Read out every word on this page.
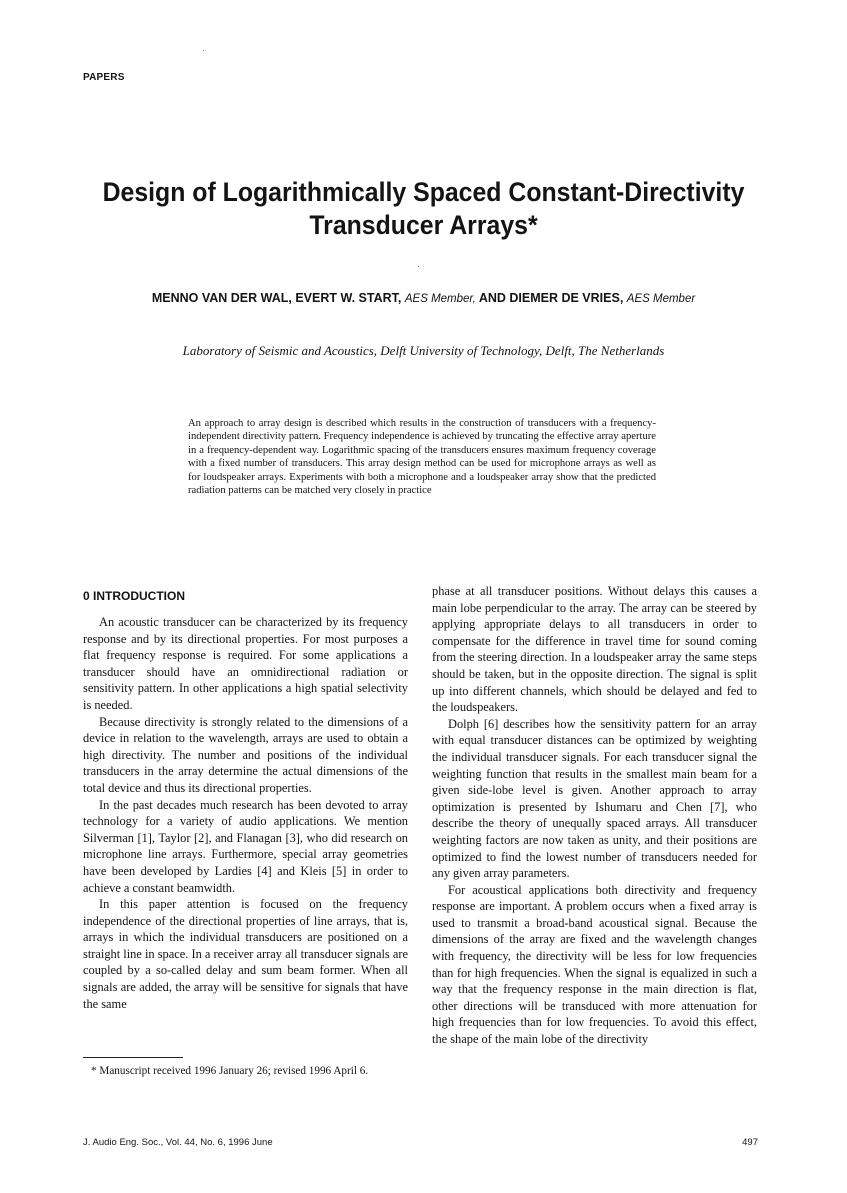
PAPERS
Design of Logarithmically Spaced Constant-Directivity
Transducer Arrays*
MENNO VAN DER WAL, EVERT W. START, AES Member, AND DIEMER DE VRIES, AES Member
Laboratory of Seismic and Acoustics, Delft University of Technology, Delft, The Netherlands
An approach to array design is described which results in the construction of transducers with a frequency-independent directivity pattern. Frequency independence is achieved by truncating the effective array aperture in a frequency-dependent way. Logarithmic spacing of the transducers ensures maximum frequency coverage with a fixed number of transducers. This array design method can be used for microphone arrays as well as for loudspeaker arrays. Experiments with both a microphone and a loudspeaker array show that the predicted radiation patterns can be matched very closely in practice
0 INTRODUCTION

An acoustic transducer can be characterized by its frequency response and by its directional properties. For most purposes a flat frequency response is required. For some applications a transducer should have an omnidirectional radiation or sensitivity pattern. In other applications a high spatial selectivity is needed.

Because directivity is strongly related to the dimensions of a device in relation to the wavelength, arrays are used to obtain a high directivity. The number and positions of the individual transducers in the array determine the actual dimensions of the total device and thus its directional properties.

In the past decades much research has been devoted to array technology for a variety of audio applications. We mention Silverman [1], Taylor [2], and Flanagan [3], who did research on microphone line arrays. Furthermore, special array geometries have been developed by Lardies [4] and Kleis [5] in order to achieve a constant beamwidth.

In this paper attention is focused on the frequency independence of the directional properties of line arrays, that is, arrays in which the individual transducers are positioned on a straight line in space. In a receiver array all transducer signals are coupled by a so-called delay and sum beam former. When all signals are added, the array will be sensitive for signals that have the same

phase at all transducer positions. Without delays this causes a main lobe perpendicular to the array. The array can be steered by applying appropriate delays to all transducers in order to compensate for the difference in travel time for sound coming from the steering direction. In a loudspeaker array the same steps should be taken, but in the opposite direction. The signal is split up into different channels, which should be delayed and fed to the loudspeakers.

Dolph [6] describes how the sensitivity pattern for an array with equal transducer distances can be optimized by weighting the individual transducer signals. For each transducer signal the weighting function that results in the smallest main beam for a given side-lobe level is given. Another approach to array optimization is presented by Ishumaru and Chen [7], who describe the theory of unequally spaced arrays. All transducer weighting factors are now taken as unity, and their positions are optimized to find the lowest number of transducers needed for any given array parameters.

For acoustical applications both directivity and frequency response are important. A problem occurs when a fixed array is used to transmit a broad-band acoustical signal. Because the dimensions of the array are fixed and the wavelength changes with frequency, the directivity will be less for low frequencies than for high frequencies. When the signal is equalized in such a way that the frequency response in the main direction is flat, other directions will be transduced with more attenuation for high frequencies than for low frequencies. To avoid this effect, the shape of the main lobe of the directivity

* Manuscript received 1996 January 26; revised 1996 April 6.
J. Audio Eng. Soc., Vol. 44, No. 6, 1996 June	497
